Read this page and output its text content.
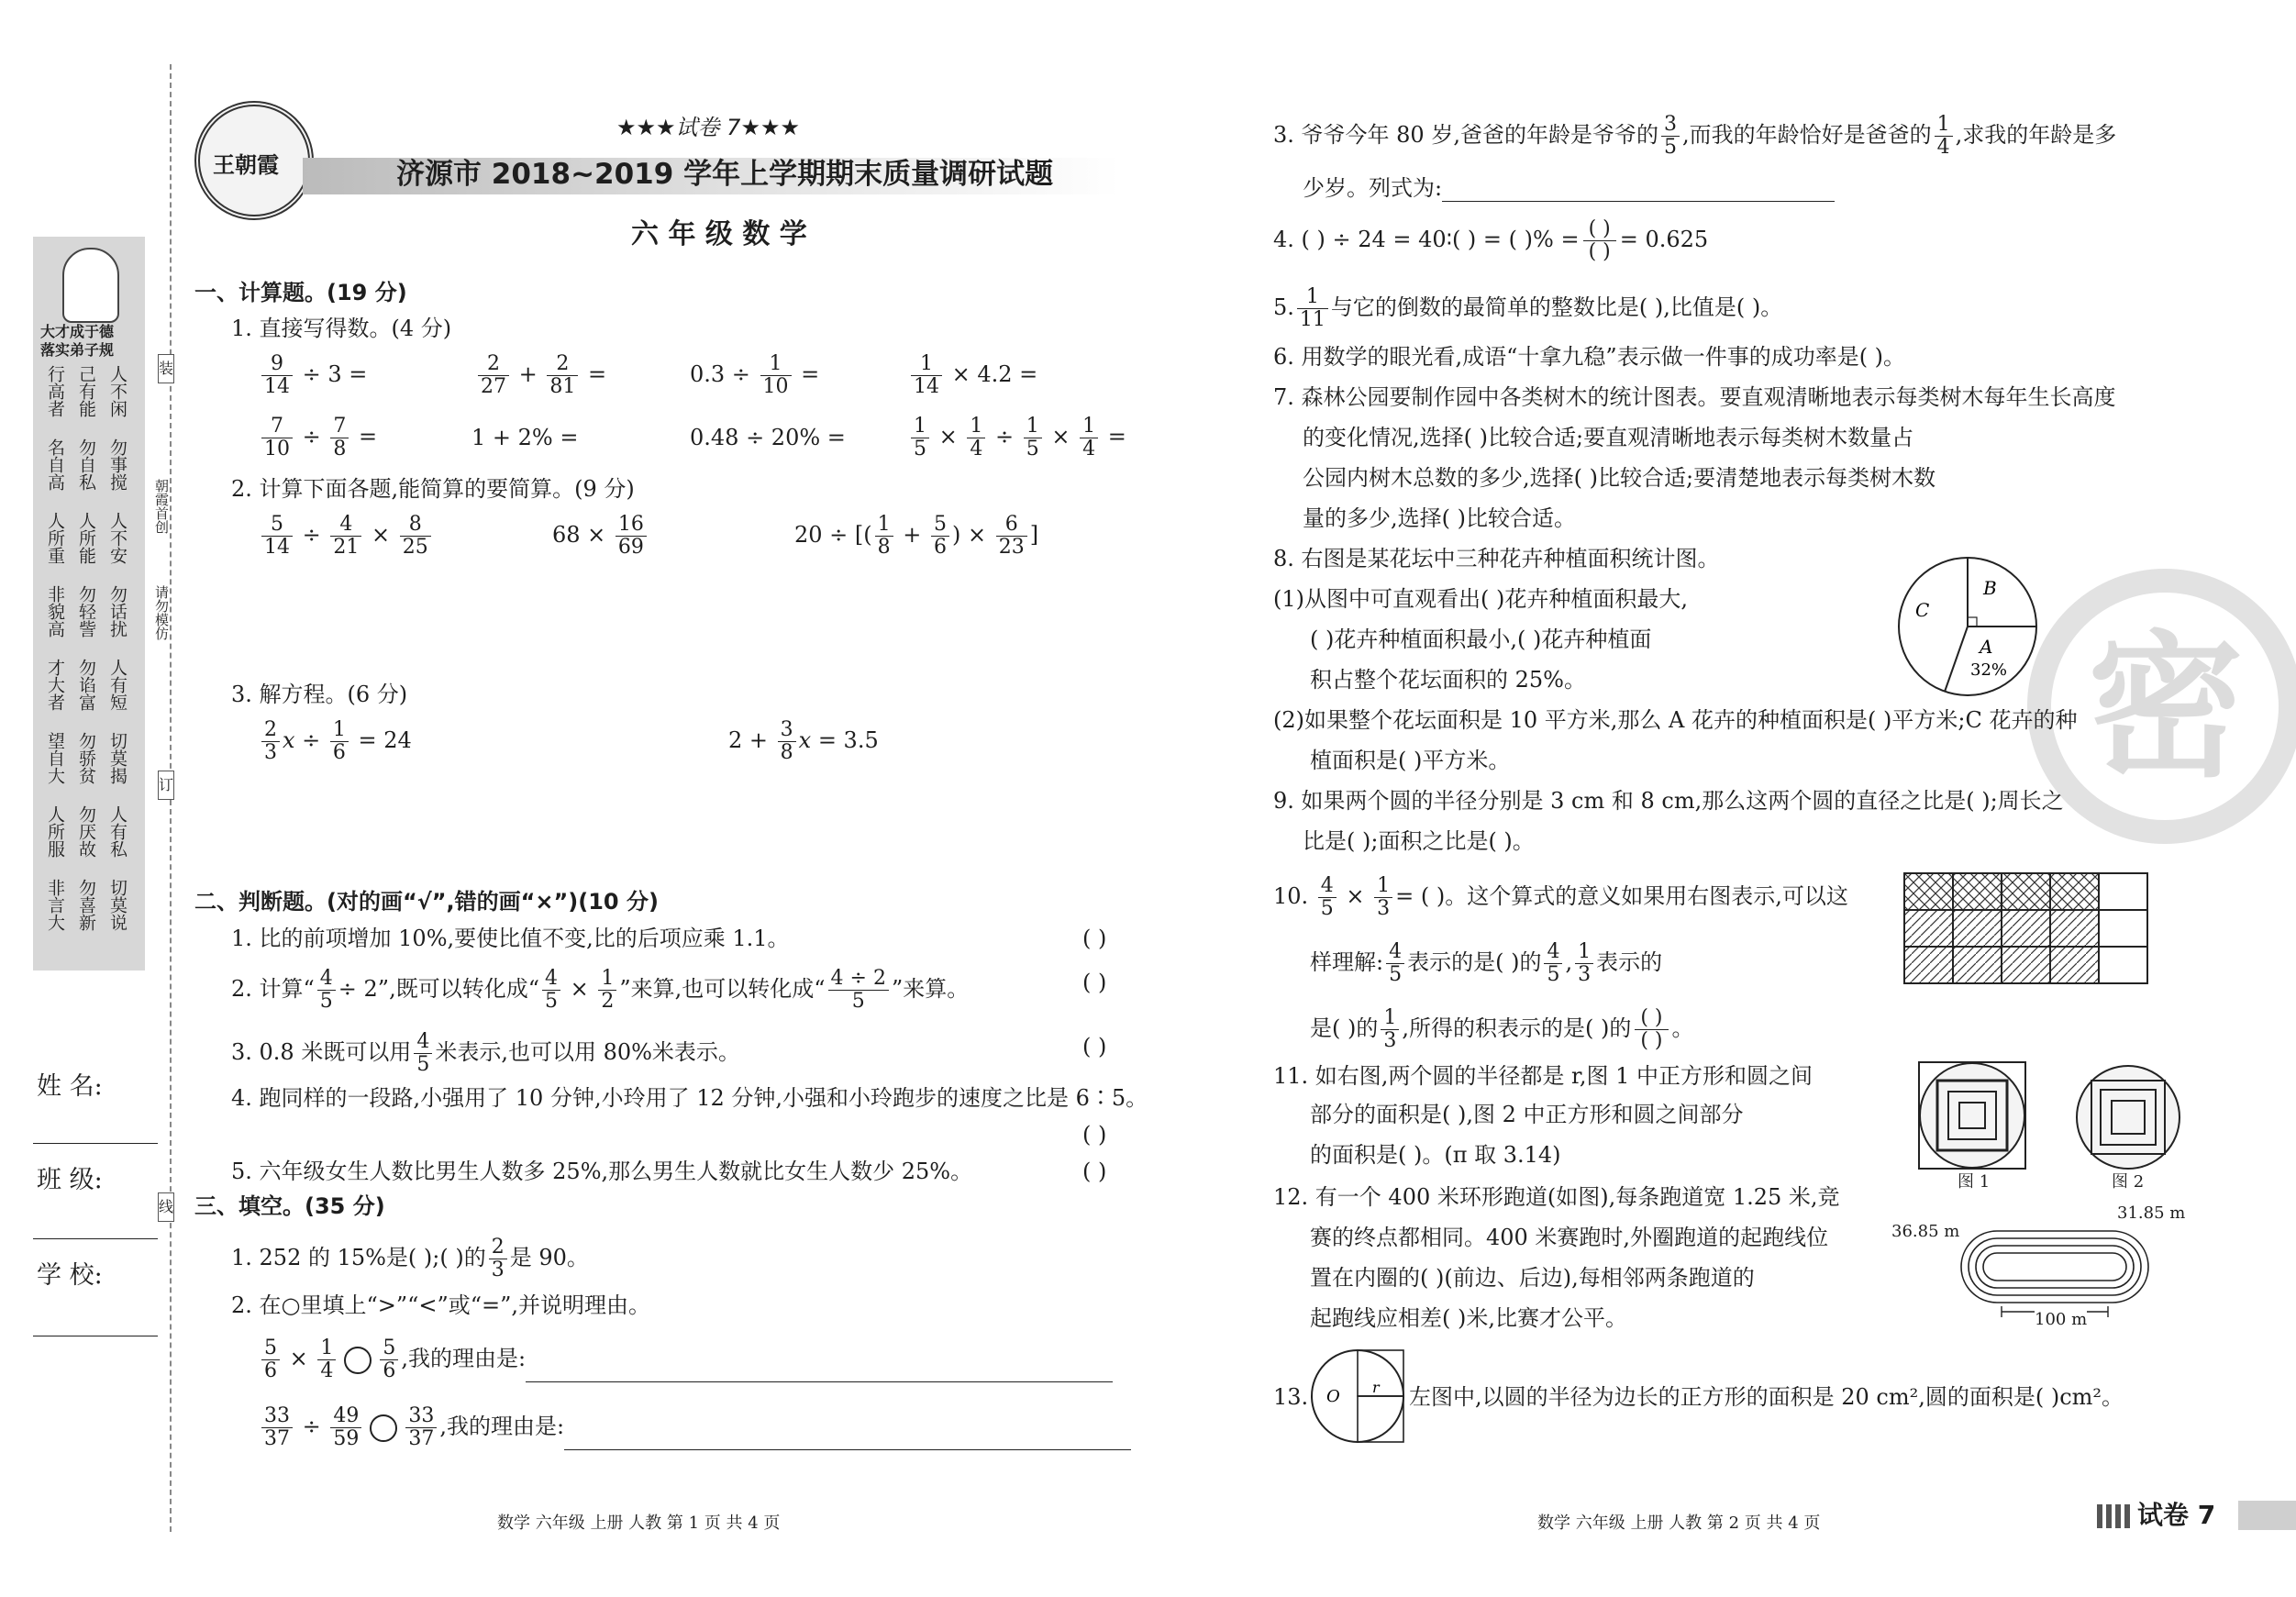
王朝霞
★★★试卷 7★★★
济源市 2018~2019 学年上学期期末质量调研试题
六 年 级 数 学
大才成于德
落实弟子规
人不闲
己有能
行高者
勿事搅
勿自私
名自高
人不安
人所能
人所重
勿话扰
勿轻訾
非貌高
人有短
勿谄富
才大者
切莫揭
勿骄贫
望自大
人有私
勿厌故
人所服
切莫说
勿喜新
非言大
姓 名:
班 级:
学 校:
装
朝霞首创
请勿模仿
订
线
一、计算题。(19 分)
1. 直接写得数。(4 分)
$\frac{9}{14} \div 3$ =	$\frac{2}{27} + \frac{2}{81}$ =	$0.3 \div \frac{1}{10}$ =	$\frac{1}{14} \times 4.2$ =
$\frac{7}{10} \div \frac{7}{8}$ =	1 + 2% =	0.48 ÷ 20% =	$\frac{1}{5} \times \frac{1}{4} \div \frac{1}{5} \times \frac{1}{4}$ =
2. 计算下面各题,能简算的要简算。(9 分)
$\frac{5}{14} \div \frac{4}{21} \times \frac{8}{25}$	$68 \times \frac{16}{69}$	20 ÷ [( $\frac{1}{8} + \frac{5}{6}$ ) × $\frac{6}{23}$ ]
3. 解方程。(6 分)
$\frac{2}{3}$ $x \div \frac{1}{6} = 24$	$2 + \frac{3}{8}$ x = 3.5
二、判断题。(对的画“√”,错的画“×”)(10 分)
1. 比的前项增加 10%,要使比值不变,比的后项应乘 1.1。	( )
2. 计算“ $\frac{4}{5} \div 2$”,既可以转化成“ $\frac{4}{5} \times \frac{1}{2}$ ”来算,也可以转化成“ $\frac{4 \div 2}{5}$ ”来算。	( )
3. 0.8 米既可以用 $\frac{4}{5}$ 米表示,也可以用 80%米表示。	( )
4. 跑同样的一段路,小强用了 10 分钟,小玲用了 12 分钟,小强和小玲跑步的速度之比是 6∶5。
( )
5. 六年级女生人数比男生人数多 25%,那么男生人数就比女生人数少 25%。	( )
三、填空。(35 分)
1. 252 的 15%是( );( )的 $\frac{2}{3}$ 是 90。
2. 在○里填上“>”“<”或“=”,并说明理由。
$\frac{5}{6} \times \frac{1}{4} \frac{5}{6}$ ,我的理由是:
$\frac{33}{37} \div \frac{49}{59} \frac{33}{37}$ ,我的理由是:
数学 六年级 上册 人教 第 1 页 共 4 页
密
3. 爷爷今年 80 岁,爸爸的年龄是爷爷的 $\frac{3}{5}$ ,而我的年龄恰好是爸爸的 $\frac{1}{4}$ ,求我的年龄是多
少岁。列式为:
4. ( ) ÷ 24 = 40∶( ) = ( )% = ( )
( ) = 0.625
5. $\frac{1}{11}$ 与它的倒数的最简单的整数比是( ),比值是( )。
6. 用数学的眼光看,成语“十拿九稳”表示做一件事的成功率是( )。
7. 森林公园要制作园中各类树木的统计图表。要直观清晰地表示每类树木每年生长高度
的变化情况,选择( )比较合适;要直观清晰地表示每类树木数量占
公园内树木总数的多少,选择( )比较合适;要清楚地表示每类树木数
量的多少,选择( )比较合适。
8. 右图是某花坛中三种花卉种植面积统计图。
(1)从图中可直观看出( )花卉种植面积最大,
( )花卉种植面积最小,( )花卉种植面
积占整个花坛面积的 25%。
B
C
A
32%
(2)如果整个花坛面积是 10 平方米,那么 A 花卉的种植面积是( )平方米;C 花卉的种
植面积是( )平方米。
9. 如果两个圆的半径分别是 3 cm 和 8 cm,那么这两个圆的直径之比是( );周长之
比是( );面积之比是( )。
10. $\frac{4}{5} \times \frac{1}{3}$ = ( )。这个算式的意义如果用右图表示,可以这
样理解: $\frac{4}{5}$ 表示的是( )的 $\frac{4}{5}$ , $\frac{1}{3}$ 表示的
是( )的 $\frac{1}{3}$ ,所得的积表示的是( )的 ( )
( ) 。
11. 如右图,两个圆的半径都是 r,图 1 中正方形和圆之间
部分的面积是( ),图 2 中正方形和圆之间部分
的面积是( )。(π 取 3.14)
图 1	图 2
12. 有一个 400 米环形跑道(如图),每条跑道宽 1.25 米,竞
赛的终点都相同。400 米赛跑时,外圈跑道的起跑线位
置在内圈的( )(前边、后边),每相邻两条跑道的
起跑线应相差( )米,比赛才公平。
36.85 m
31.85 m
100 m
13. O r 左图中,以圆的半径为边长的正方形的面积是 20 cm²,圆的面积是( )cm²。
数学 六年级 上册 人教 第 2 页 共 4 页	试卷 7
